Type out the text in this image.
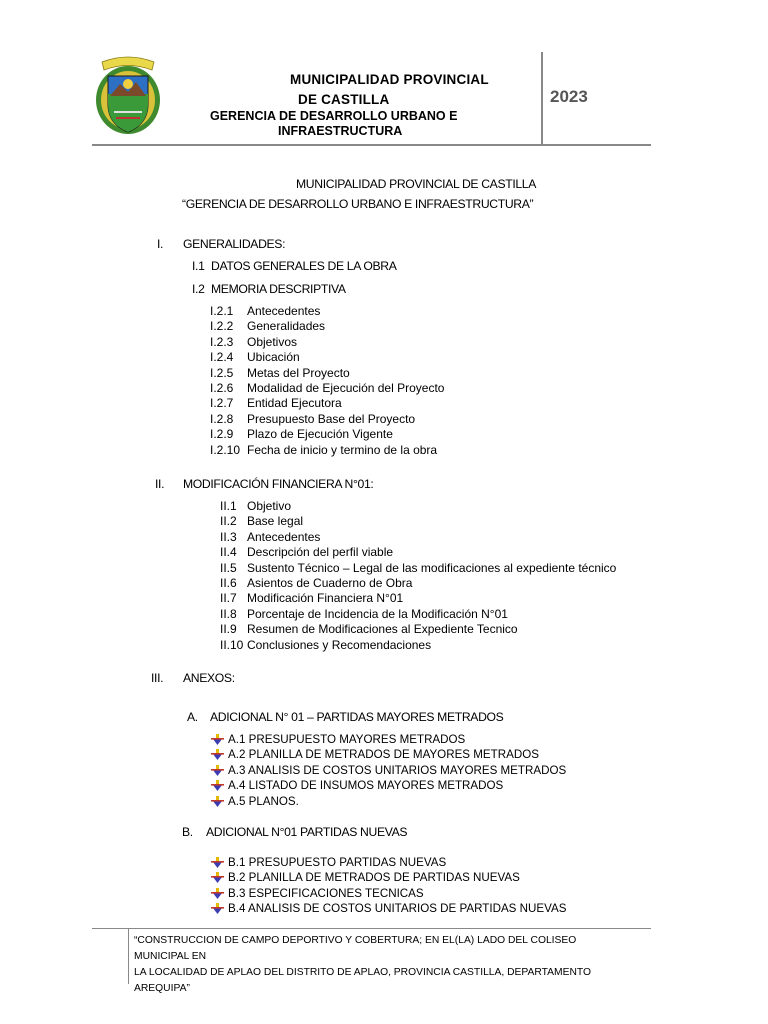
MUNICIPALIDAD PROVINCIAL
DE CASTILLA
GERENCIA DE DESARROLLO URBANO E
INFRAESTRUCTURA
2023
MUNICIPALIDAD PROVINCIAL DE CASTILLA
“GERENCIA DE DESARROLLO URBANO E INFRAESTRUCTURA”
I. GENERALIDADES:
I.1 DATOS GENERALES DE LA OBRA
I.2 MEMORIA DESCRIPTIVA
I.2.1	Antecedentes
I.2.2	Generalidades
I.2.3	Objetivos
I.2.4	Ubicación
I.2.5	Metas del Proyecto
I.2.6	Modalidad de Ejecución del Proyecto
I.2.7	Entidad Ejecutora
I.2.8	Presupuesto Base del Proyecto
I.2.9	Plazo de Ejecución Vigente
I.2.10 Fecha de inicio y termino de la obra
II. MODIFICACIÓN FINANCIERA N°01:
II.1 Objetivo
II.2 Base legal
II.3 Antecedentes
II.4 Descripción del perfil viable
II.5 Sustento Técnico – Legal de las modificaciones al expediente técnico
II.6 Asientos de Cuaderno de Obra
II.7 Modificación Financiera N°01
II.8 Porcentaje de Incidencia de la Modificación N°01
II.9 Resumen de Modificaciones al Expediente Tecnico
II.10 Conclusiones y Recomendaciones
III. ANEXOS:
A. ADICIONAL N° 01 – PARTIDAS MAYORES METRADOS
A.1 PRESUPUESTO MAYORES METRADOS
A.2 PLANILLA DE METRADOS DE MAYORES METRADOS
A.3 ANALISIS DE COSTOS UNITARIOS MAYORES METRADOS
A.4 LISTADO DE INSUMOS MAYORES METRADOS
A.5 PLANOS.
B. ADICIONAL N°01 PARTIDAS NUEVAS
B.1 PRESUPUESTO PARTIDAS NUEVAS
B.2 PLANILLA DE METRADOS DE PARTIDAS NUEVAS
B.3 ESPECIFICACIONES TECNICAS
B.4 ANALISIS DE COSTOS UNITARIOS DE PARTIDAS NUEVAS
“CONSTRUCCION DE CAMPO DEPORTIVO Y COBERTURA; EN EL(LA) LADO DEL COLISEO MUNICIPAL EN
LA LOCALIDAD DE APLAO DEL DISTRITO DE APLAO, PROVINCIA CASTILLA, DEPARTAMENTO
AREQUIPA”
